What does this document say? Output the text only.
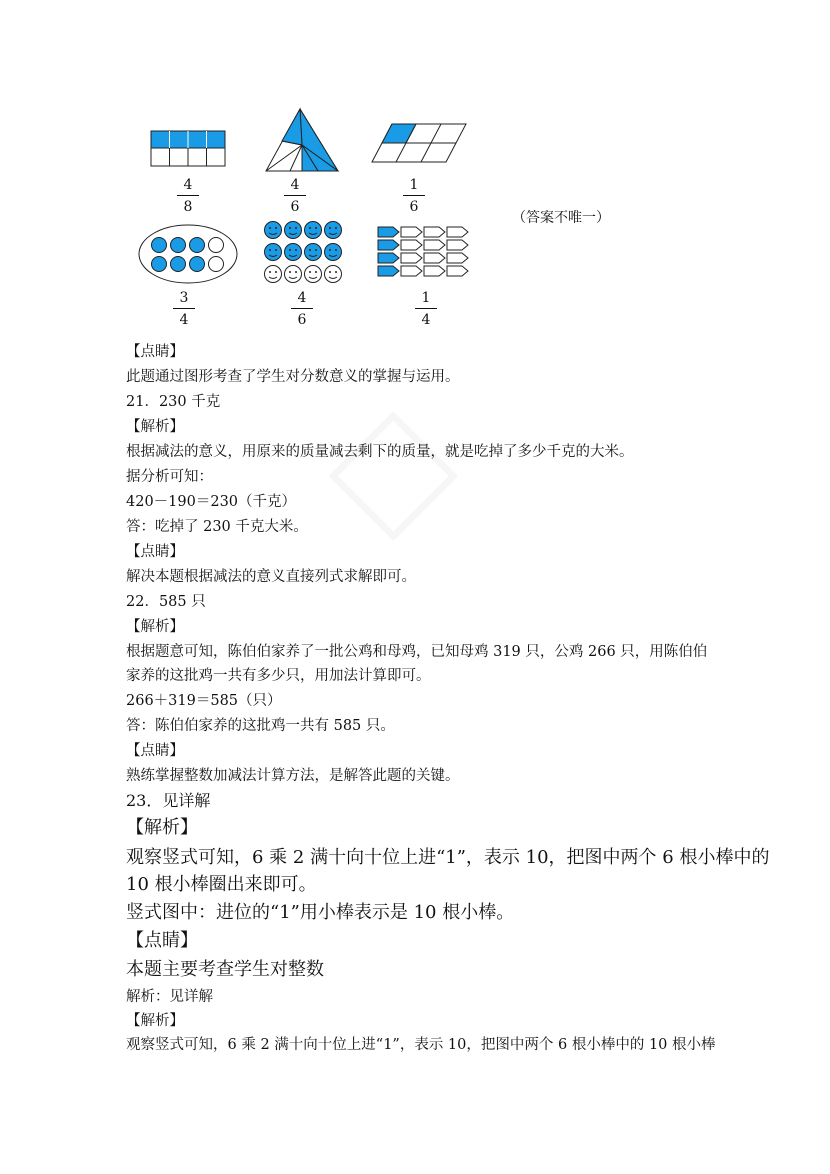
4
8
4
6
1
6
（答案不唯一）
3
4
4
6
1
4
【点睛】
此题通过图形考查了学生对分数意义的掌握与运用。
21．230 千克
【解析】
根据减法的意义，用原来的质量减去剩下的质量，就是吃掉了多少千克的大米。
据分析可知：
420－190＝230（千克）
答：吃掉了 230 千克大米。
【点睛】
解决本题根据减法的意义直接列式求解即可。
22．585 只
【解析】
根据题意可知，陈伯伯家养了一批公鸡和母鸡，已知母鸡 319 只，公鸡 266 只，用陈伯伯
家养的这批鸡一共有多少只，用加法计算即可。
266＋319＝585（只）
答：陈伯伯家养的这批鸡一共有 585 只。
【点睛】
熟练掌握整数加减法计算方法，是解答此题的关键。
23．见详解
【解析】
观察竖式可知，6 乘 2 满十向十位上进“1”，表示 10，把图中两个 6 根小棒中的
10 根小棒圈出来即可。
竖式图中：进位的“1”用小棒表示是 10 根小棒。
【点睛】
本题主要考查学生对整数
解析：见详解
【解析】
观察竖式可知，6 乘 2 满十向十位上进“1”，表示 10，把图中两个 6 根小棒中的 10 根小棒
